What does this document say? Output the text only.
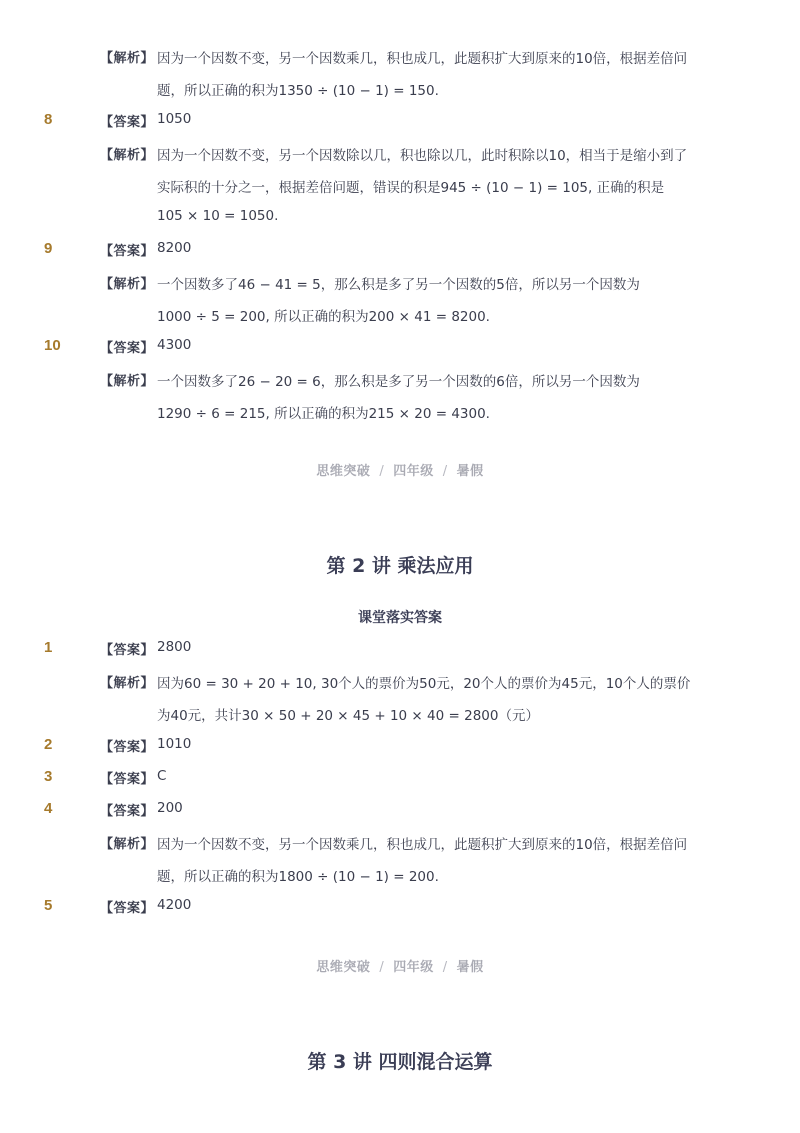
【解析】 因为一个因数不变，另一个因数乘几，积也成几，此题积扩大到原来的10倍，根据差倍问
题，所以正确的积为1350 ÷ (10 − 1) = 150.
8	【答案】 1050
【解析】 因为一个因数不变，另一个因数除以几，积也除以几，此时积除以10，相当于是缩小到了
实际积的十分之一，根据差倍问题，错误的积是945 ÷ (10 − 1) = 105, 正确的积是
105 × 10 = 1050.
9	【答案】 8200
【解析】 一个因数多了46 − 41 = 5，那么积是多了另一个因数的5倍，所以另一个因数为
1000 ÷ 5 = 200, 所以正确的积为200 × 41 = 8200.
10	【答案】 4300
【解析】 一个因数多了26 − 20 = 6，那么积是多了另一个因数的6倍，所以另一个因数为
1290 ÷ 6 = 215, 所以正确的积为215 × 20 = 4300.
思维突破 / 四年级 / 暑假
第 2 讲 乘法应用
课堂落实答案
1	【答案】 2800
【解析】 因为60 = 30 + 20 + 10, 30个人的票价为50元，20个人的票价为45元，10个人的票价
为40元，共计30 × 50 + 20 × 45 + 10 × 40 = 2800（元）
2	【答案】 1010
3	【答案】 C
4	【答案】 200
【解析】 因为一个因数不变，另一个因数乘几，积也成几，此题积扩大到原来的10倍，根据差倍问
题，所以正确的积为1800 ÷ (10 − 1) = 200.
5	【答案】 4200
思维突破 / 四年级 / 暑假
第 3 讲 四则混合运算
